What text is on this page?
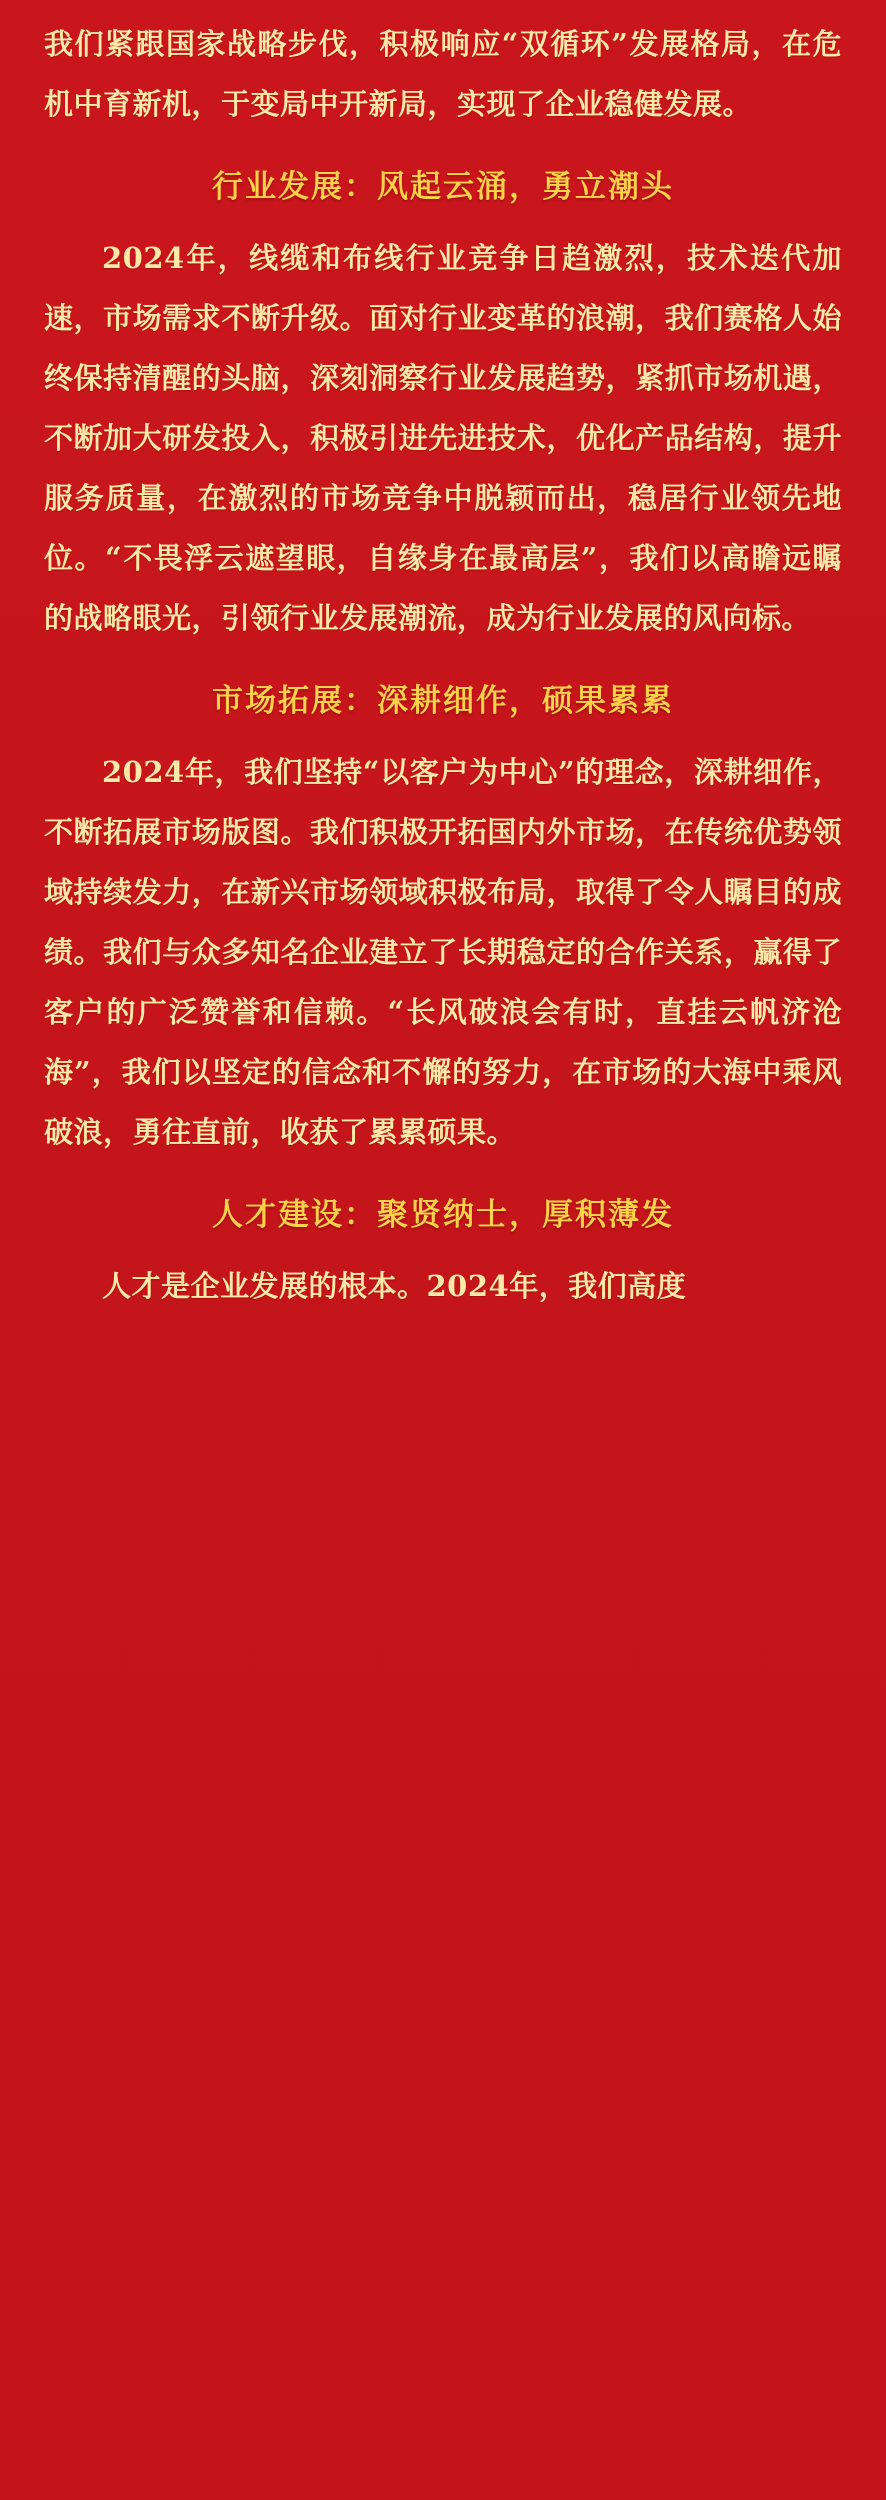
我们紧跟国家战略步伐，积极响应“双循环”发展格局，在危机中育新机，于变局中开新局，实现了企业稳健发展。

行业发展：风起云涌，勇立潮头

2024年，线缆和布线行业竞争日趋激烈，技术迭代加速，市场需求不断升级。面对行业变革的浪潮，我们赛格人始终保持清醒的头脑，深刻洞察行业发展趋势，紧抓市场机遇，不断加大研发投入，积极引进先进技术，优化产品结构，提升服务质量，在激烈的市场竞争中脱颖而出，稳居行业领先地位。“不畏浮云遮望眼，自缘身在最高层”，我们以高瞻远瞩的战略眼光，引领行业发展潮流，成为行业发展的风向标。

市场拓展：深耕细作，硕果累累

2024年，我们坚持“以客户为中心”的理念，深耕细作，不断拓展市场版图。我们积极开拓国内外市场，在传统优势领域持续发力，在新兴市场领域积极布局，取得了令人瞩目的成绩。我们与众多知名企业建立了长期稳定的合作关系，赢得了客户的广泛赞誉和信赖。“长风破浪会有时，直挂云帆济沧海”，我们以坚定的信念和不懈的努力，在市场的大海中乘风破浪，勇往直前，收获了累累硕果。

人才建设：聚贤纳士，厚积薄发

人才是企业发展的根本。2024年，我们高度
